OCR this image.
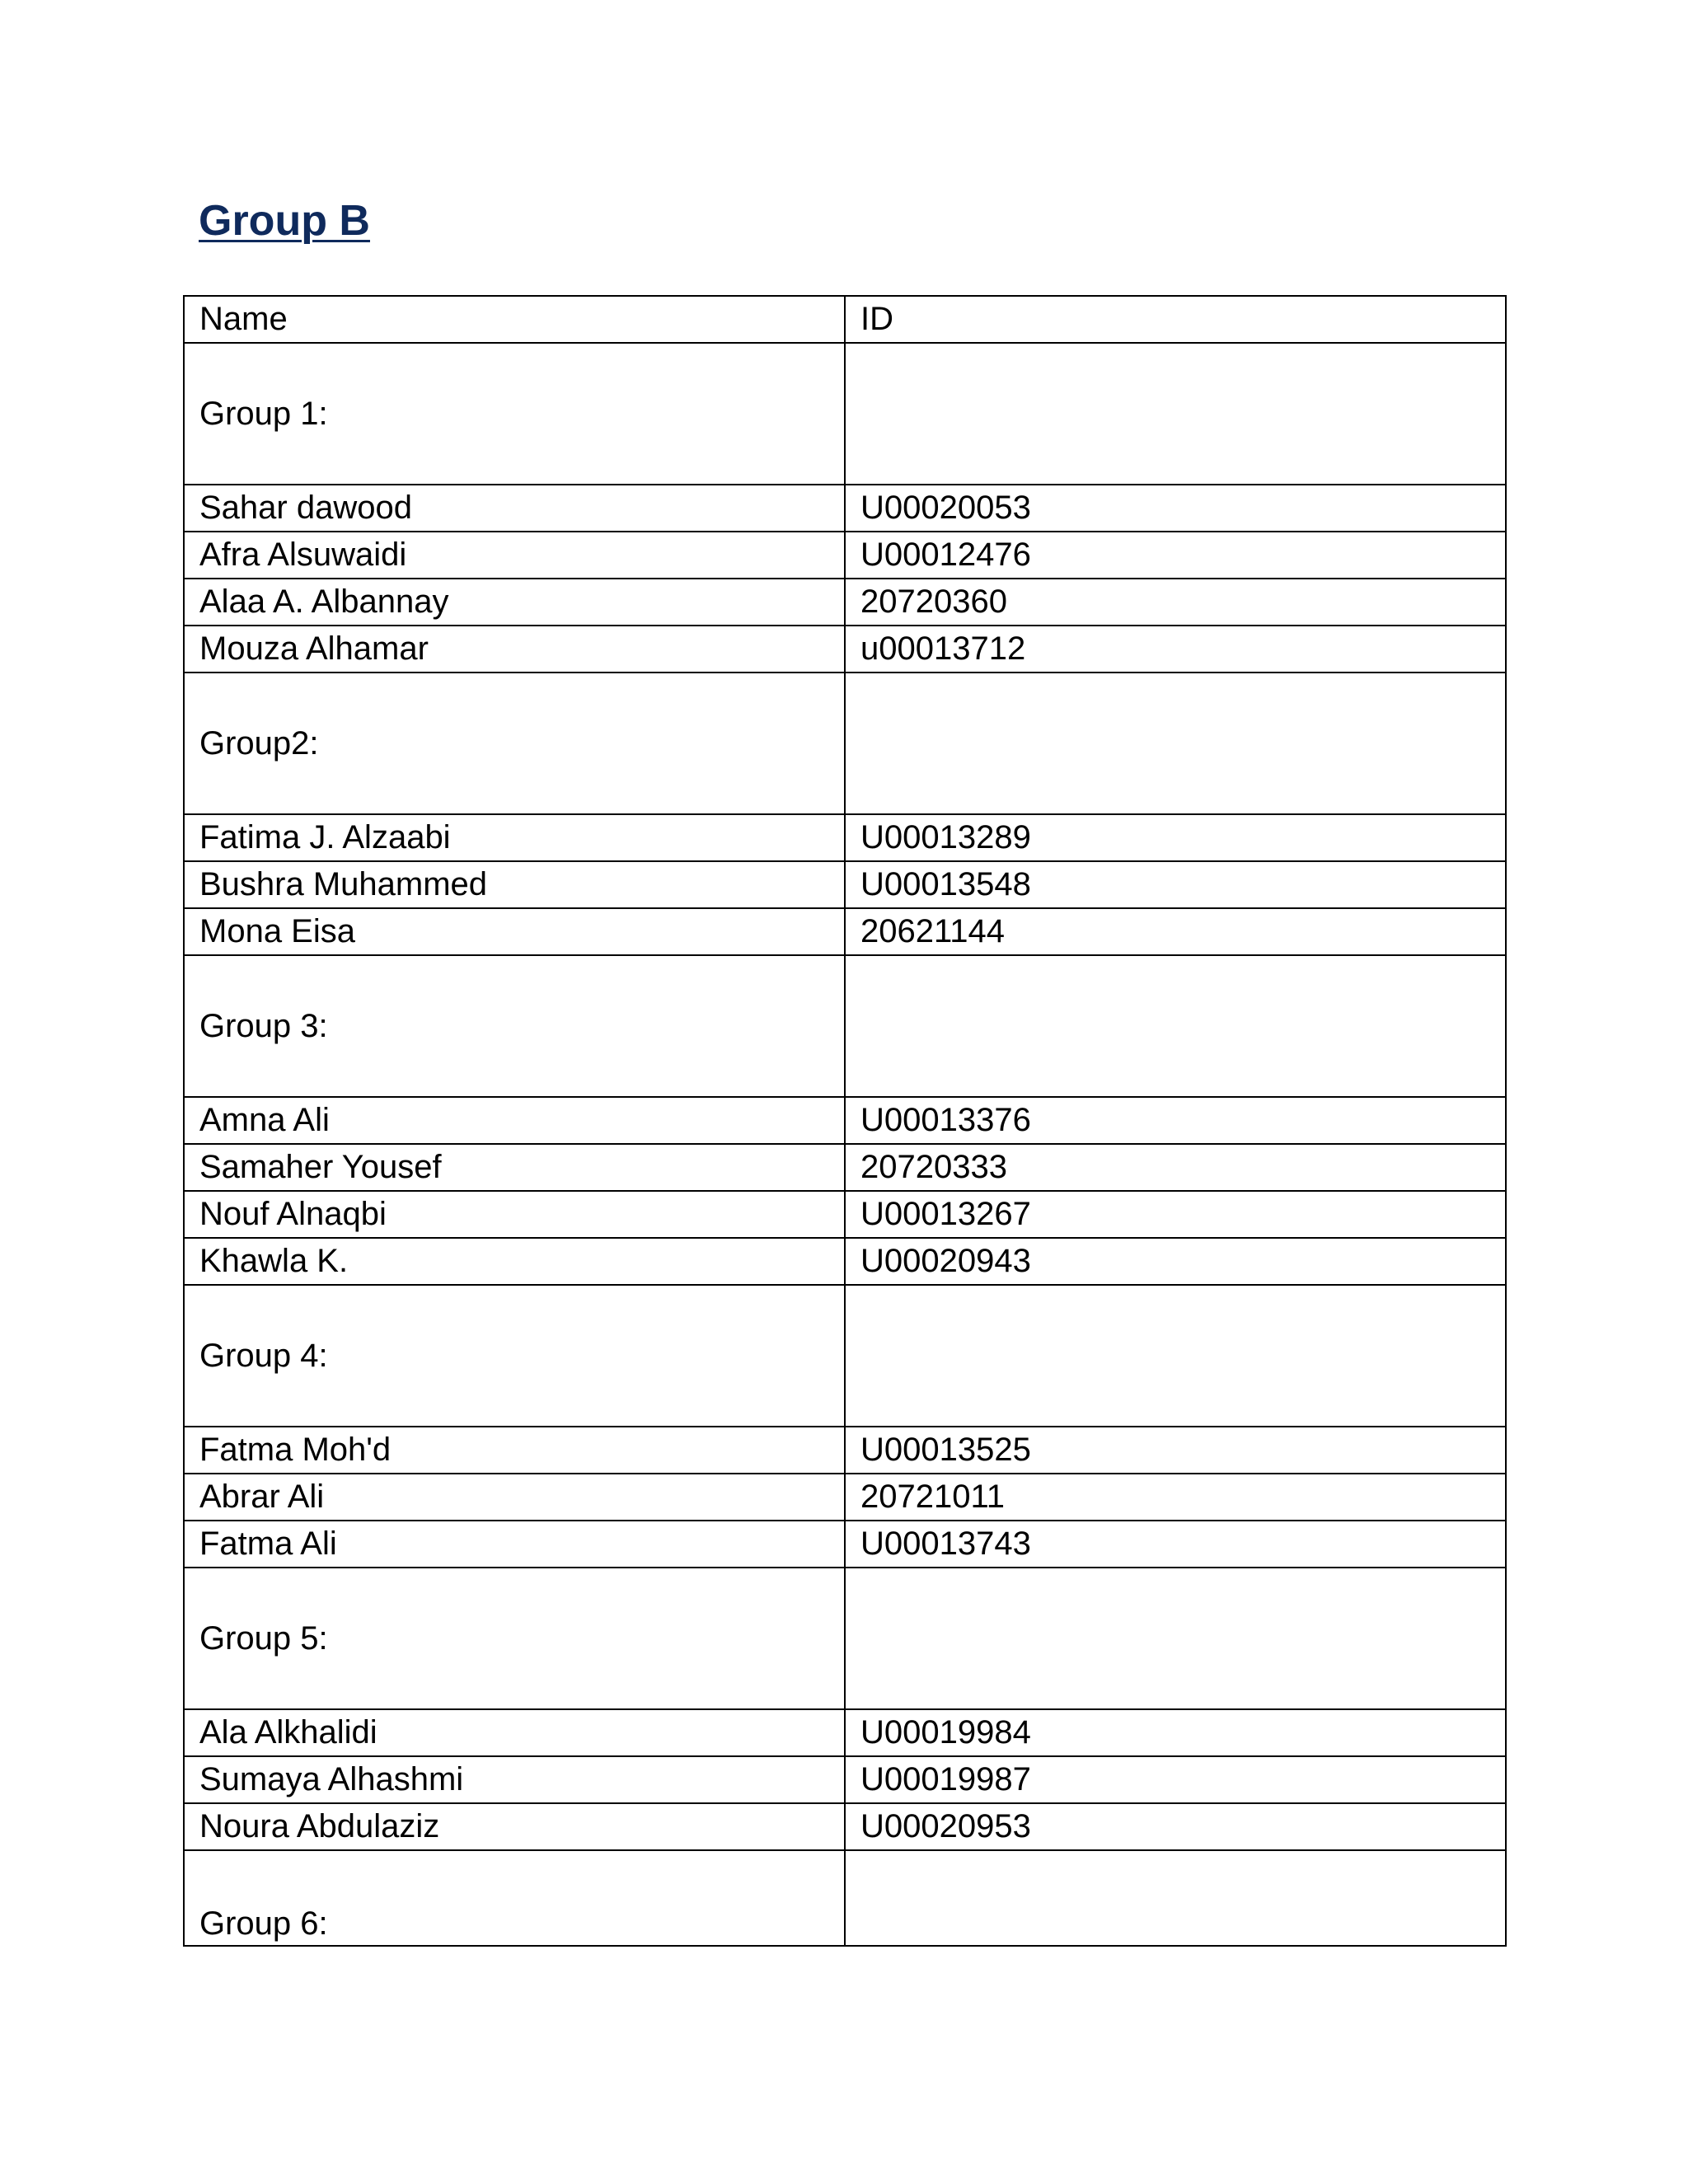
Group B
Name	ID
Group 1:	
Sahar dawood	U00020053
Afra Alsuwaidi	U00012476
Alaa A. Albannay	20720360
Mouza Alhamar	u00013712
Group2:	
Fatima J. Alzaabi	U00013289
Bushra Muhammed	U00013548
Mona Eisa	20621144
Group 3:	
Amna Ali	U00013376
Samaher Yousef	20720333
Nouf Alnaqbi	U00013267
Khawla K.	U00020943
Group 4:	
Fatma Moh'd	U00013525
Abrar Ali	20721011
Fatma Ali	U00013743
Group 5:	
Ala Alkhalidi	U00019984
Sumaya Alhashmi	U00019987
Noura Abdulaziz	U00020953
Group 6:	
